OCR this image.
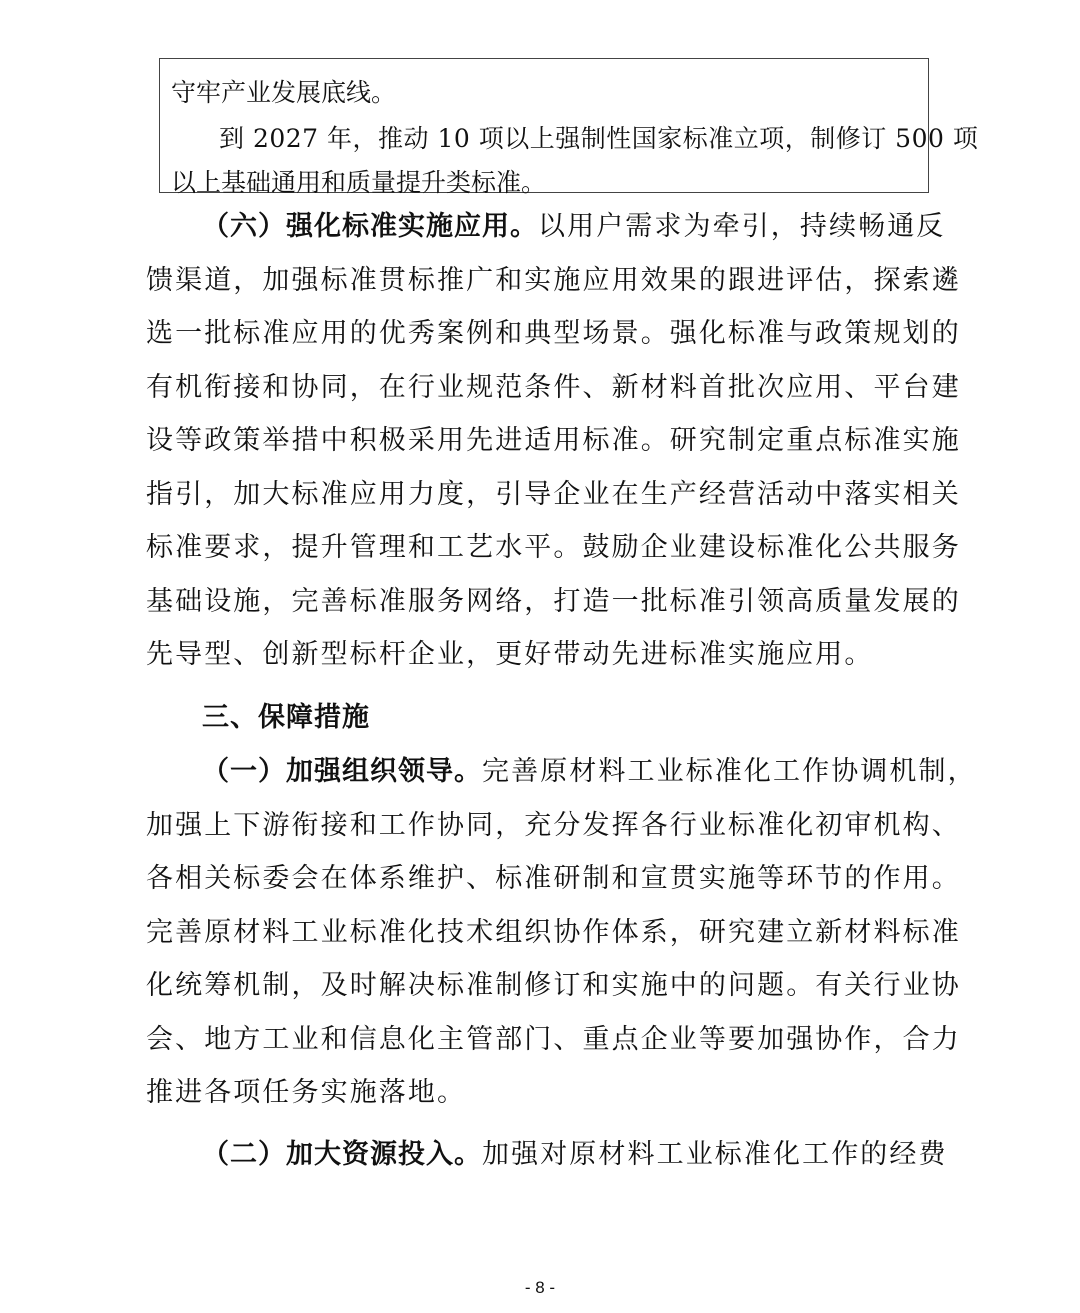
守牢产业发展底线。
到 2027 年，推动 10 项以上强制性国家标准立项，制修订 500 项
以上基础通用和质量提升类标准。
（六）强化标准实施应用。以用户需求为牵引，持续畅通反
馈渠道，加强标准贯标推广和实施应用效果的跟进评估，探索遴
选一批标准应用的优秀案例和典型场景。强化标准与政策规划的
有机衔接和协同，在行业规范条件、新材料首批次应用、平台建
设等政策举措中积极采用先进适用标准。研究制定重点标准实施
指引，加大标准应用力度，引导企业在生产经营活动中落实相关
标准要求，提升管理和工艺水平。鼓励企业建设标准化公共服务
基础设施，完善标准服务网络，打造一批标准引领高质量发展的
先导型、创新型标杆企业，更好带动先进标准实施应用。
三、保障措施
（一）加强组织领导。完善原材料工业标准化工作协调机制，
加强上下游衔接和工作协同，充分发挥各行业标准化初审机构、
各相关标委会在体系维护、标准研制和宣贯实施等环节的作用。
完善原材料工业标准化技术组织协作体系，研究建立新材料标准
化统筹机制，及时解决标准制修订和实施中的问题。有关行业协
会、地方工业和信息化主管部门、重点企业等要加强协作，合力
推进各项任务实施落地。
（二）加大资源投入。加强对原材料工业标准化工作的经费
- 8 -
